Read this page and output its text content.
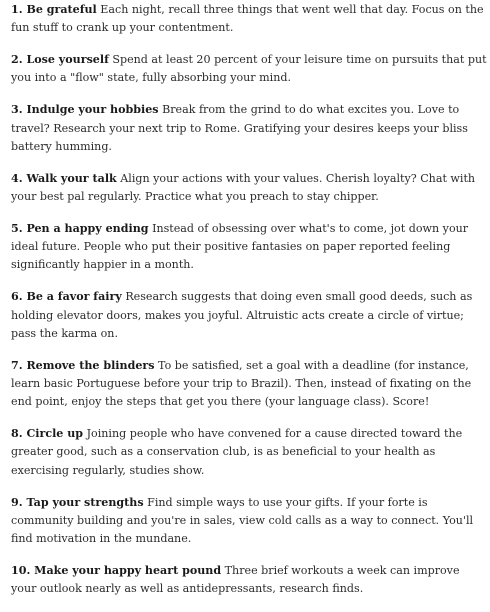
1. Be grateful Each night, recall three things that went well that day. Focus on the fun stuff to crank up your contentment.

2. Lose yourself Spend at least 20 percent of your leisure time on pursuits that put you into a "flow" state, fully absorbing your mind.

3. Indulge your hobbies Break from the grind to do what excites you. Love to travel? Research your next trip to Rome. Gratifying your desires keeps your bliss battery humming.

4. Walk your talk Align your actions with your values. Cherish loyalty? Chat with your best pal regularly. Practice what you preach to stay chipper.

5. Pen a happy ending Instead of obsessing over what's to come, jot down your ideal future. People who put their positive fantasies on paper reported feeling significantly happier in a month.

6. Be a favor fairy Research suggests that doing even small good deeds, such as holding elevator doors, makes you joyful. Altruistic acts create a circle of virtue; pass the karma on.

7. Remove the blinders To be satisfied, set a goal with a deadline (for instance, learn basic Portuguese before your trip to Brazil). Then, instead of fixating on the end point, enjoy the steps that get you there (your language class). Score!

8. Circle up Joining people who have convened for a cause directed toward the greater good, such as a conservation club, is as beneficial to your health as exercising regularly, studies show.

9. Tap your strengths Find simple ways to use your gifts. If your forte is community building and you're in sales, view cold calls as a way to connect. You'll find motivation in the mundane.

10. Make your happy heart pound Three brief workouts a week can improve your outlook nearly as well as antidepressants, research finds.
